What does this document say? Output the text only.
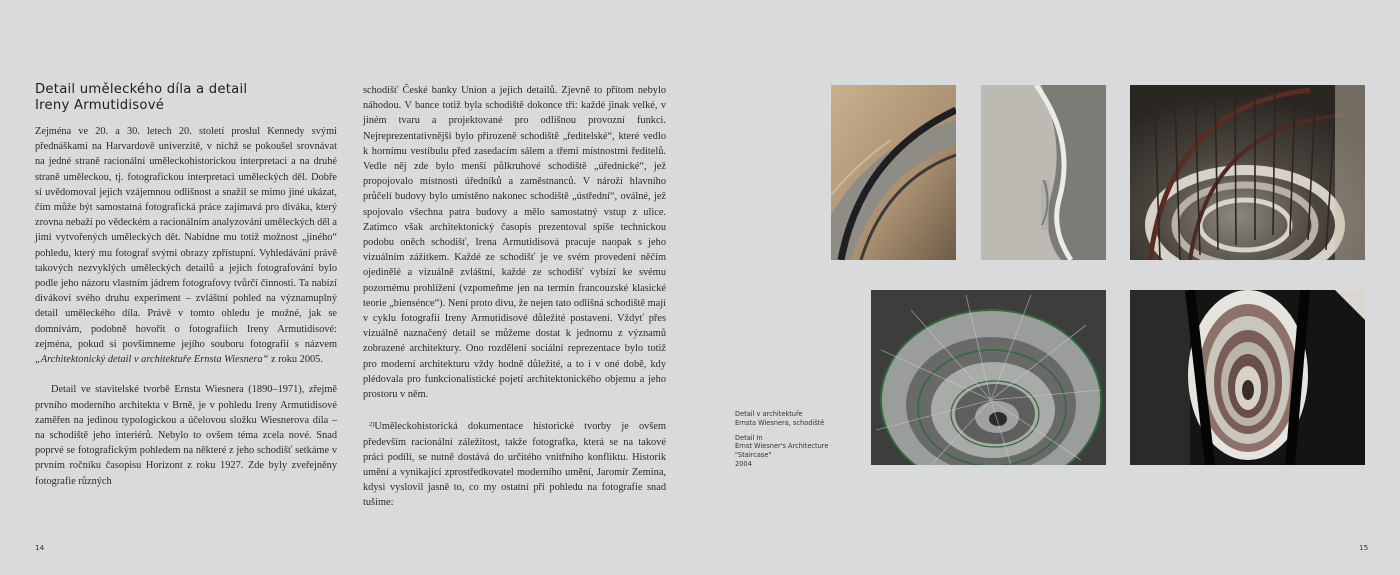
Detail uměleckého díla a detail
Ireny Armutidisové

Zejména ve 20. a 30. letech 20. století proslul Kennedy svými přednáškami na Harvardově univerzitě, v nichž se pokoušel srovnávat na jedné straně racionální uměleckohistorickou interpretaci a na druhé straně uměleckou, tj. fotografickou interpretaci uměleckých děl. Dobře si uvědomoval jejich vzájemnou odlišnost a snažil se mimo jiné ukázat, čím může být samostatná fotografická práce zajímavá pro diváka, který zrovna nebaží po vědeckém a racionálním analyzování uměleckých děl a jimi vytvořených uměleckých dět. Nabídne mu totiž možnost „jiného“ pohledu, který mu fotograf svými obrazy zpřístupní. Vyhledávání právě takových nezvyklých uměleckých detailů a jejich fotografování bylo podle jeho názoru vlastním jádrem fotografovy tvůrčí činnosti. Ta nabízí divákovi svého druhu experiment – zvláštní pohled na významuplný detail uměleckého díla. Právě v tomto ohledu je možné, jak se domnívám, podobně hovořit o fotografiích Ireny Armutidisové: zejména, pokud si povšimneme jejího souboru fotografií s názvem „Architektonický detail v architektuře Ernsta Wiesnera“ z roku 2005.

Detail ve stavitelské tvorbě Ernsta Wiesnera (1890–1971), zřejmě prvního moderního architekta v Brně, je v pohledu Ireny Armutidisové zaměřen na jedinou typologickou a účelovou složku Wiesnerova díla – na schodiště jeho interiérů. Nebylo to ovšem téma zcela nové. Snad poprvé se fotografickým pohledem na některé z jeho schodišť setkáme v prvním ročníku časopisu Horizont z roku 1927. Zde byly zveřejněny fotografie různých

schodišť České banky Union a jejich detailů. Zjevně to přitom nebylo náhodou. V bance totiž byla schodiště dokonce tři: každé jinak velké, v jiném tvaru a projektované pro odlišnou provozní funkci. Nejreprezentativnější bylo přirozeně schodiště „ředitelské“, které vedlo k hornímu vestibulu před zasedacím sálem a třemi místnostmi ředitelů. Vedle něj zde bylo menší půlkruhové schodiště „úřednické“, jež propojovalo místnosti úředníků a zaměstnanců. V nároží hlavního průčelí budovy bylo umístěno nakonec schodiště „ústřední“, oválné, jež spojovalo všechna patra budovy a mělo samostatný vstup z ulice. Zatímco však architektonický časopis prezentoval spíše technickou podobu oněch schodišť, Irena Armutidisová pracuje naopak s jeho vizuálním zážitkem. Každé ze schodišť je ve svém provedení něčím ojedinělé a vizuálně zvláštní, každé ze schodišť vybízí ke svému pozornému prohlížení (vzpomeňme jen na termín francouzské klasické teorie „biensénce“). Není proto divu, že nejen tato odlišná schodiště mají v cyklu fotografií Ireny Armutidisové důležité postavení. Vždyť přes vizuálně naznačený detail se můžeme dostat k jednomu z významů zobrazené architektury. Ono rozdělení sociální reprezentace bylo totiž pro moderní architekturu vždy hodně důležité, a to i v oné době, kdy plédovala pro funkcionalistické pojetí architektonického objemu a jeho prostoru v něm.

$^{2)}$Uměleckohistorická dokumentace historické tvorby je ovšem především racionální záležitost, takže fotografka, která se na takové práci podílí, se nutně dostává do určitého vnitřního konfliktu. Historik umění a vynikající zprostředkovatel moderního umění, Jaromír Zemina, kdysi vyslovil jasně to, co my ostatní při pohledu na fotografie snad tušíme:

Detail v architektuře
Ernsta Wiesnera, schodiště
Detail In
Ernst Wiesner's Architecture
"Staircase"
2004
14	15
